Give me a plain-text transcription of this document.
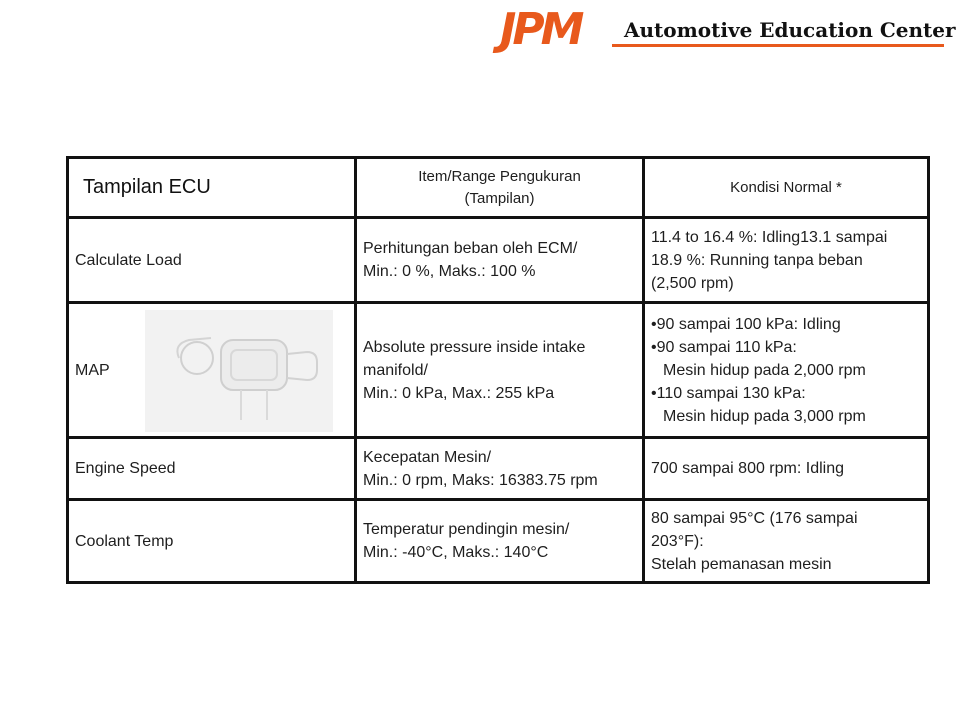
JPM Automotive Education Center
Tampilan ECU	Item/Range Pengukuran
(Tampilan)
Kondisi Normal *
Calculate Load
Perhitungan beban oleh ECM/
Min.: 0 %, Maks.: 100 %
11.4 to 16.4 %: Idling13.1 sampai
18.9 %: Running tanpa beban
(2,500 rpm)
MAP
Absolute pressure inside intake
manifold/
Min.: 0 kPa, Max.: 255 kPa
•90 sampai 100 kPa: Idling
•90 sampai 110 kPa:
Mesin hidup pada 2,000 rpm
•110 sampai 130 kPa:
Mesin hidup pada 3,000 rpm
Engine Speed
Kecepatan Mesin/
Min.: 0 rpm, Maks: 16383.75 rpm
700 sampai 800 rpm: Idling
Coolant Temp
Temperatur pendingin mesin/
Min.: -40°C, Maks.: 140°C
80 sampai 95°C (176 sampai
203°F):
Stelah pemanasan mesin
